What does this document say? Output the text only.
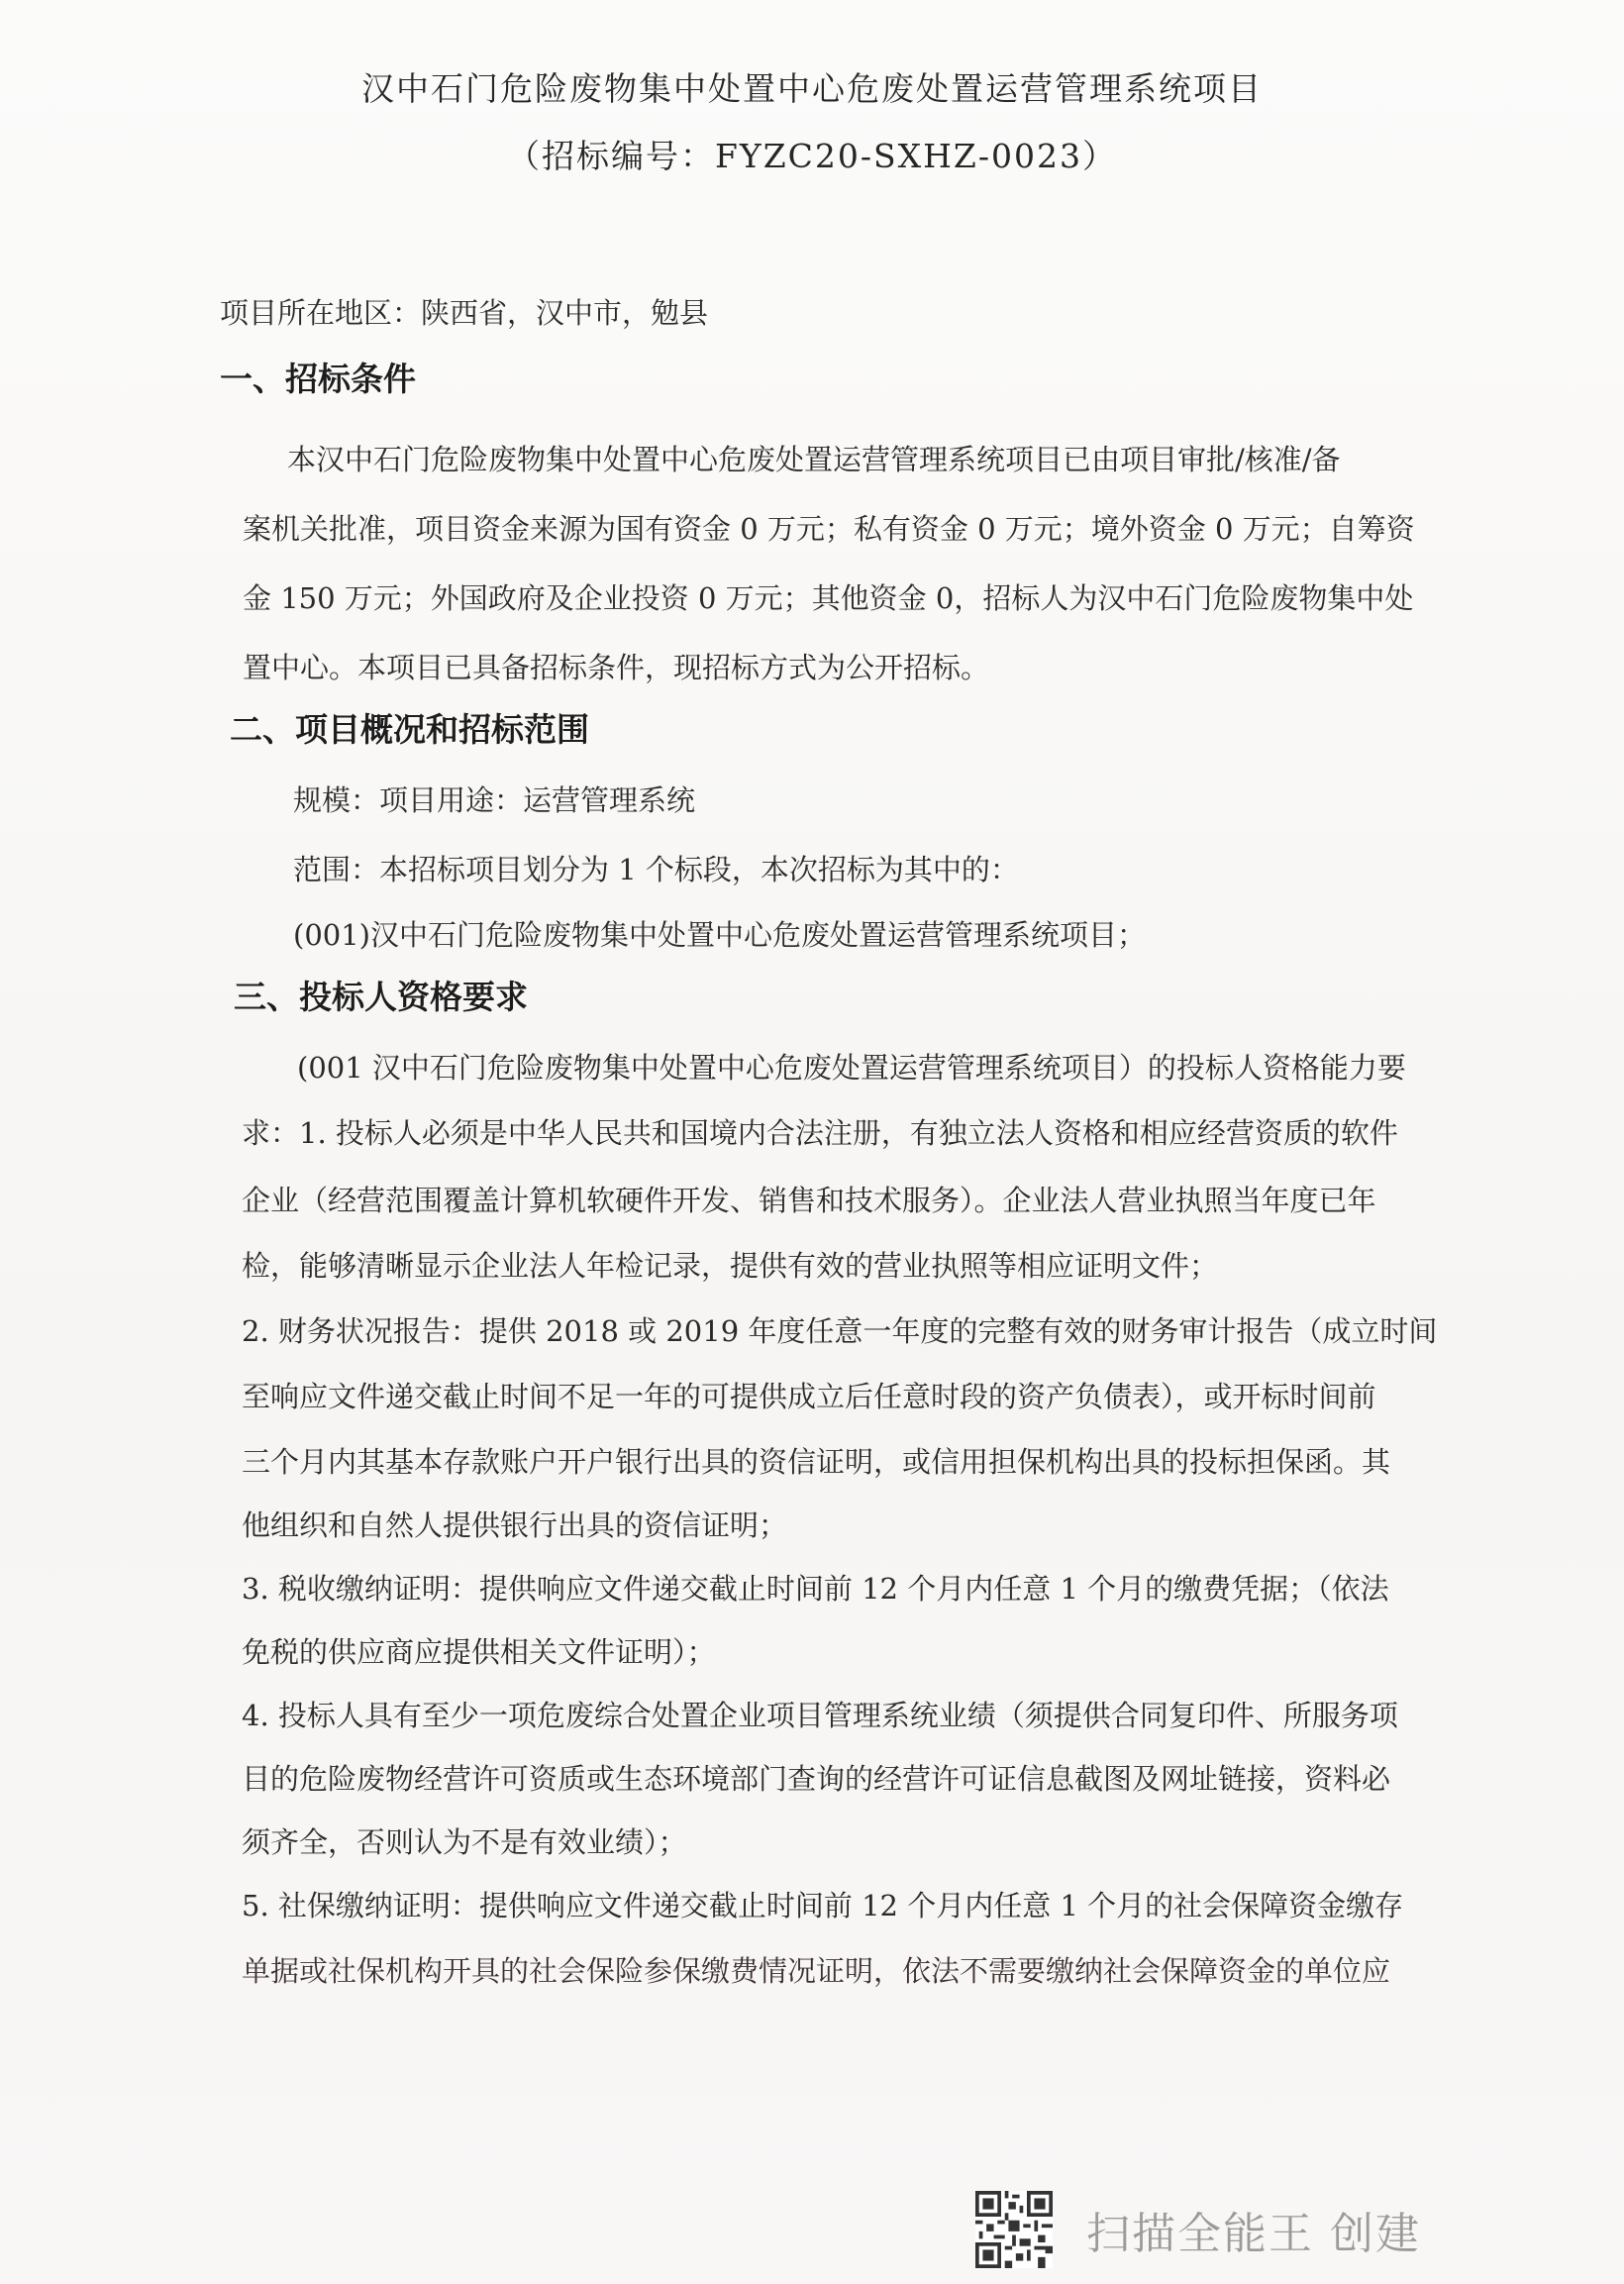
汉中石门危险废物集中处置中心危废处置运营管理系统项目
（招标编号：FYZC20-SXHZ-0023）
项目所在地区：陕西省，汉中市，勉县
一、招标条件
本汉中石门危险废物集中处置中心危废处置运营管理系统项目已由项目审批/核准/备
案机关批准，项目资金来源为国有资金 0 万元；私有资金 0 万元；境外资金 0 万元；自筹资
金 150 万元；外国政府及企业投资 0 万元；其他资金 0，招标人为汉中石门危险废物集中处
置中心。本项目已具备招标条件，现招标方式为公开招标。
二、项目概况和招标范围
规模：项目用途：运营管理系统
范围：本招标项目划分为 1 个标段，本次招标为其中的：
(001)汉中石门危险废物集中处置中心危废处置运营管理系统项目；
三、投标人资格要求
(001 汉中石门危险废物集中处置中心危废处置运营管理系统项目）的投标人资格能力要
求：1. 投标人必须是中华人民共和国境内合法注册，有独立法人资格和相应经营资质的软件
企业（经营范围覆盖计算机软硬件开发、销售和技术服务）。企业法人营业执照当年度已年
检，能够清晰显示企业法人年检记录，提供有效的营业执照等相应证明文件；
2. 财务状况报告：提供 2018 或 2019 年度任意一年度的完整有效的财务审计报告（成立时间
至响应文件递交截止时间不足一年的可提供成立后任意时段的资产负债表），或开标时间前
三个月内其基本存款账户开户银行出具的资信证明，或信用担保机构出具的投标担保函。其
他组织和自然人提供银行出具的资信证明；
3. 税收缴纳证明：提供响应文件递交截止时间前 12 个月内任意 1 个月的缴费凭据；（依法
免税的供应商应提供相关文件证明）；
4. 投标人具有至少一项危废综合处置企业项目管理系统业绩（须提供合同复印件、所服务项
目的危险废物经营许可资质或生态环境部门查询的经营许可证信息截图及网址链接，资料必
须齐全，否则认为不是有效业绩）；
5. 社保缴纳证明：提供响应文件递交截止时间前 12 个月内任意 1 个月的社会保障资金缴存
单据或社保机构开具的社会保险参保缴费情况证明，依法不需要缴纳社会保障资金的单位应
扫描全能王 创建
